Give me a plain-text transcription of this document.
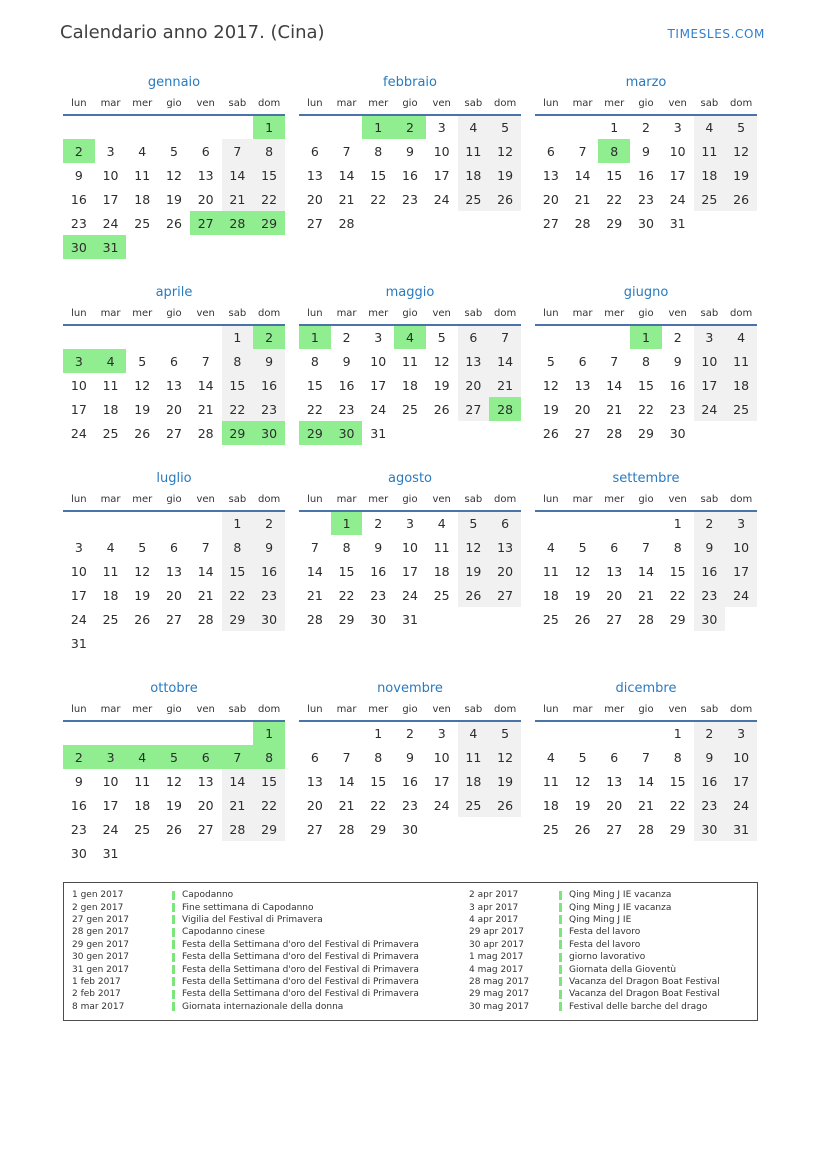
Calendario anno 2017. (Cina)	TIMESLES.COM
gennaio
lun	mar	mer	gio	ven	sab	dom
						1
2	3	4	5	6	7	8
9	10	11	12	13	14	15
16	17	18	19	20	21	22
23	24	25	26	27	28	29
30	31					
febbraio
lun	mar	mer	gio	ven	sab	dom
		1	2	3	4	5
6	7	8	9	10	11	12
13	14	15	16	17	18	19
20	21	22	23	24	25	26
27	28					
marzo
lun	mar	mer	gio	ven	sab	dom
		1	2	3	4	5
6	7	8	9	10	11	12
13	14	15	16	17	18	19
20	21	22	23	24	25	26
27	28	29	30	31		
aprile
lun	mar	mer	gio	ven	sab	dom
					1	2
3	4	5	6	7	8	9
10	11	12	13	14	15	16
17	18	19	20	21	22	23
24	25	26	27	28	29	30
maggio
lun	mar	mer	gio	ven	sab	dom
1	2	3	4	5	6	7
8	9	10	11	12	13	14
15	16	17	18	19	20	21
22	23	24	25	26	27	28
29	30	31				
giugno
lun	mar	mer	gio	ven	sab	dom
			1	2	3	4
5	6	7	8	9	10	11
12	13	14	15	16	17	18
19	20	21	22	23	24	25
26	27	28	29	30		
luglio
lun	mar	mer	gio	ven	sab	dom
					1	2
3	4	5	6	7	8	9
10	11	12	13	14	15	16
17	18	19	20	21	22	23
24	25	26	27	28	29	30
31						
agosto
lun	mar	mer	gio	ven	sab	dom
	1	2	3	4	5	6
7	8	9	10	11	12	13
14	15	16	17	18	19	20
21	22	23	24	25	26	27
28	29	30	31			
settembre
lun	mar	mer	gio	ven	sab	dom
				1	2	3
4	5	6	7	8	9	10
11	12	13	14	15	16	17
18	19	20	21	22	23	24
25	26	27	28	29	30	
ottobre
lun	mar	mer	gio	ven	sab	dom
						1
2	3	4	5	6	7	8
9	10	11	12	13	14	15
16	17	18	19	20	21	22
23	24	25	26	27	28	29
30	31					
novembre
lun	mar	mer	gio	ven	sab	dom
		1	2	3	4	5
6	7	8	9	10	11	12
13	14	15	16	17	18	19
20	21	22	23	24	25	26
27	28	29	30			
dicembre
lun	mar	mer	gio	ven	sab	dom
				1	2	3
4	5	6	7	8	9	10
11	12	13	14	15	16	17
18	19	20	21	22	23	24
25	26	27	28	29	30	31
1 gen 2017	Capodanno
2 gen 2017	Fine settimana di Capodanno
27 gen 2017	Vigilia del Festival di Primavera
28 gen 2017	Capodanno cinese
29 gen 2017	Festa della Settimana d'oro del Festival di Primavera
30 gen 2017	Festa della Settimana d'oro del Festival di Primavera
31 gen 2017	Festa della Settimana d'oro del Festival di Primavera
1 feb 2017	Festa della Settimana d'oro del Festival di Primavera
2 feb 2017	Festa della Settimana d'oro del Festival di Primavera
8 mar 2017	Giornata internazionale della donna
2 apr 2017	Qing Ming J IE vacanza
3 apr 2017	Qing Ming J IE vacanza
4 apr 2017	Qing Ming J IE
29 apr 2017	Festa del lavoro
30 apr 2017	Festa del lavoro
1 mag 2017	giorno lavorativo
4 mag 2017	Giornata della Gioventù
28 mag 2017	Vacanza del Dragon Boat Festival
29 mag 2017	Vacanza del Dragon Boat Festival
30 mag 2017	Festival delle barche del drago
